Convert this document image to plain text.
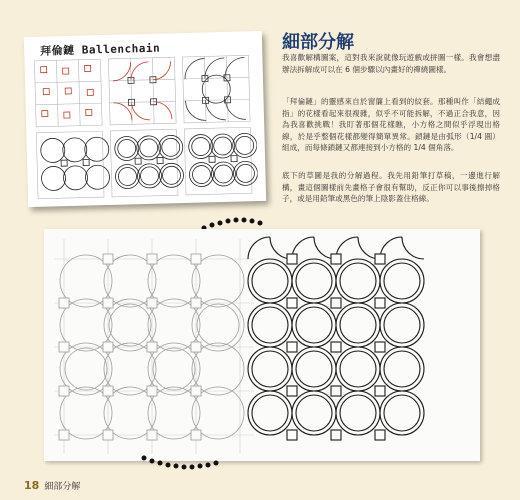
拜倫鏈 Ballenchain	細部分解
我喜歡解構圖案，這對我來說就像玩遊戲或拼圖一樣。我會想盡辦法拆解成可以在 6 個步驟以內畫好的禪繞圖樣。
「拜倫鏈」的靈感來自於窗簾上看到的紋套。那種叫作「結繩成指」的花樣看起來很複雜，似乎不可能拆解，不過正合我意，因為我喜歡挑戰！我盯著那個花樣瞧，小方格之間似乎浮現出格線，於是乎整個花樣都變得簡單異常。鎖鏈是由弧形（1/4 圓）組成，而每條鎖鏈又都連接到小方格的 1/4 個角落。
底下的草圖是我的分解過程。我先用鉛筆打草稿，一邊進行解構，畫這個圖樣前先畫格子會很有幫助，反正你可以事後擦掉格子，或是用鉛筆或黑色的筆上陰影蓋住格線。
18 細部分解
